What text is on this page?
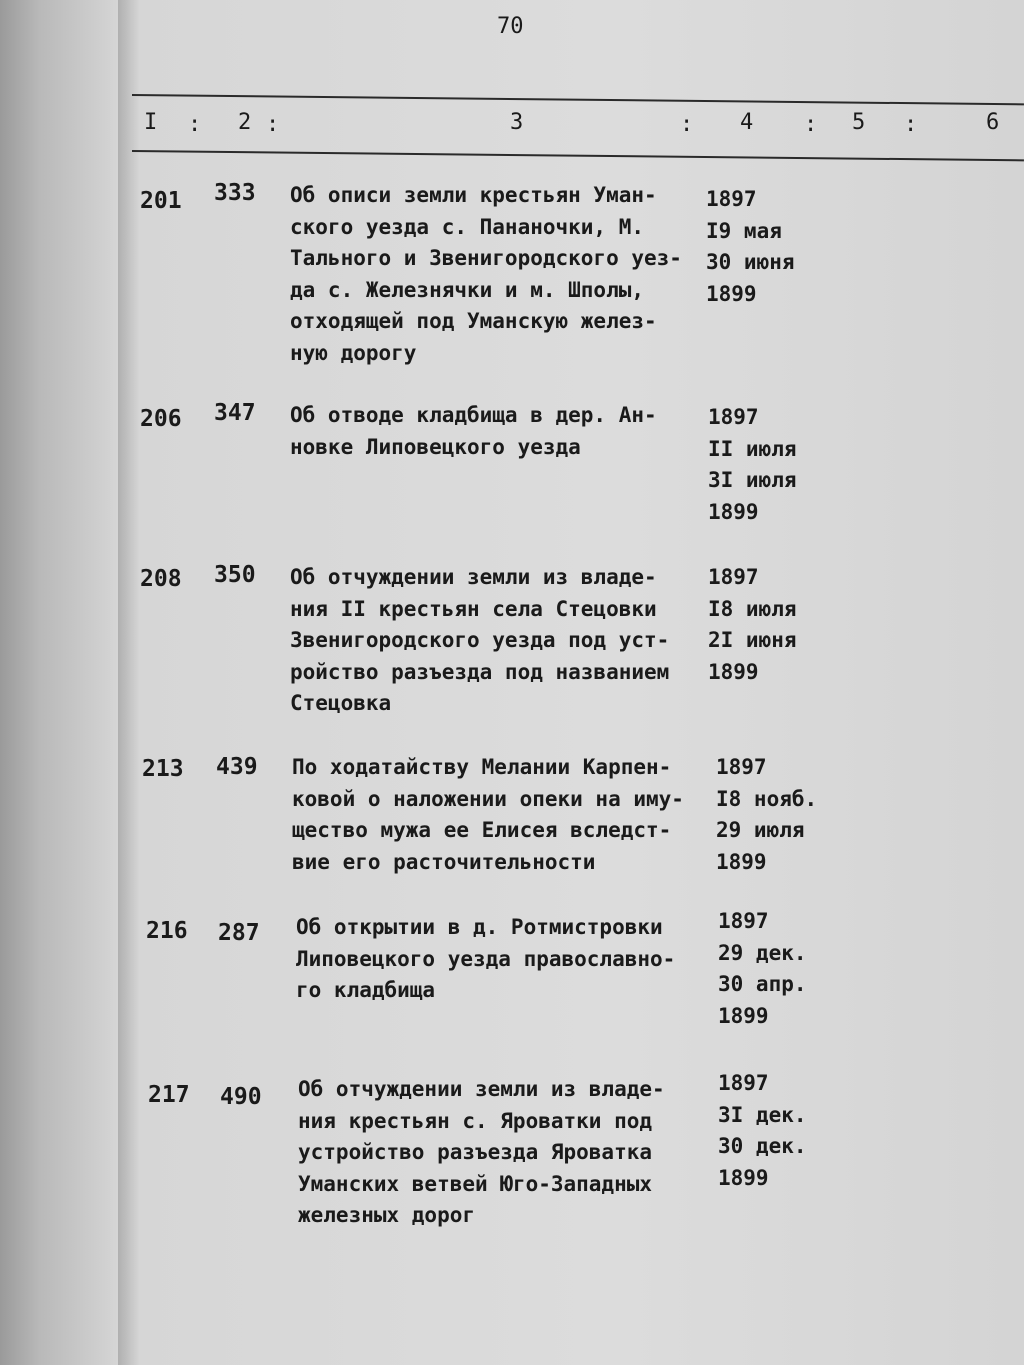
70
I : 2 :	3	: 4 : 5 :	6
201 333 Об описи земли крестьян Уман-
ского уезда с. Пананочки, М.
Тального и Звенигородского уез-
да с. Железнячки и м. Шполы,
отходящей под Уманскую желез-
ную дорогу
1897
I9 мая
30 июня
1899
206 347 Об отводе кладбища в дер. Ан-
новке Липовецкого уезда
1897
II июля
3I июля
1899
208 350 Об отчуждении земли из владе-
ния II крестьян села Стецовки
Звенигородского уезда под уст-
ройство разъезда под названием
Стецовка
1897
I8 июля
2I июня
1899
213 439 По ходатайству Мелании Карпен-
ковой о наложении опеки на иму-
щество мужа ее Елисея вследст-
вие его расточительности
1897
I8 нояб.
29 июля
1899
216 287 Об открытии в д. Ротмистровки
Липовецкого уезда православно-
го кладбища
1897
29 дек.
30 апр.
1899
217 490 Об отчуждении земли из владе-
ния крестьян с. Яроватки под
устройство разъезда Яроватка
Уманских ветвей Юго-Западных
железных дорог
1897
3I дек.
30 дек.
1899
